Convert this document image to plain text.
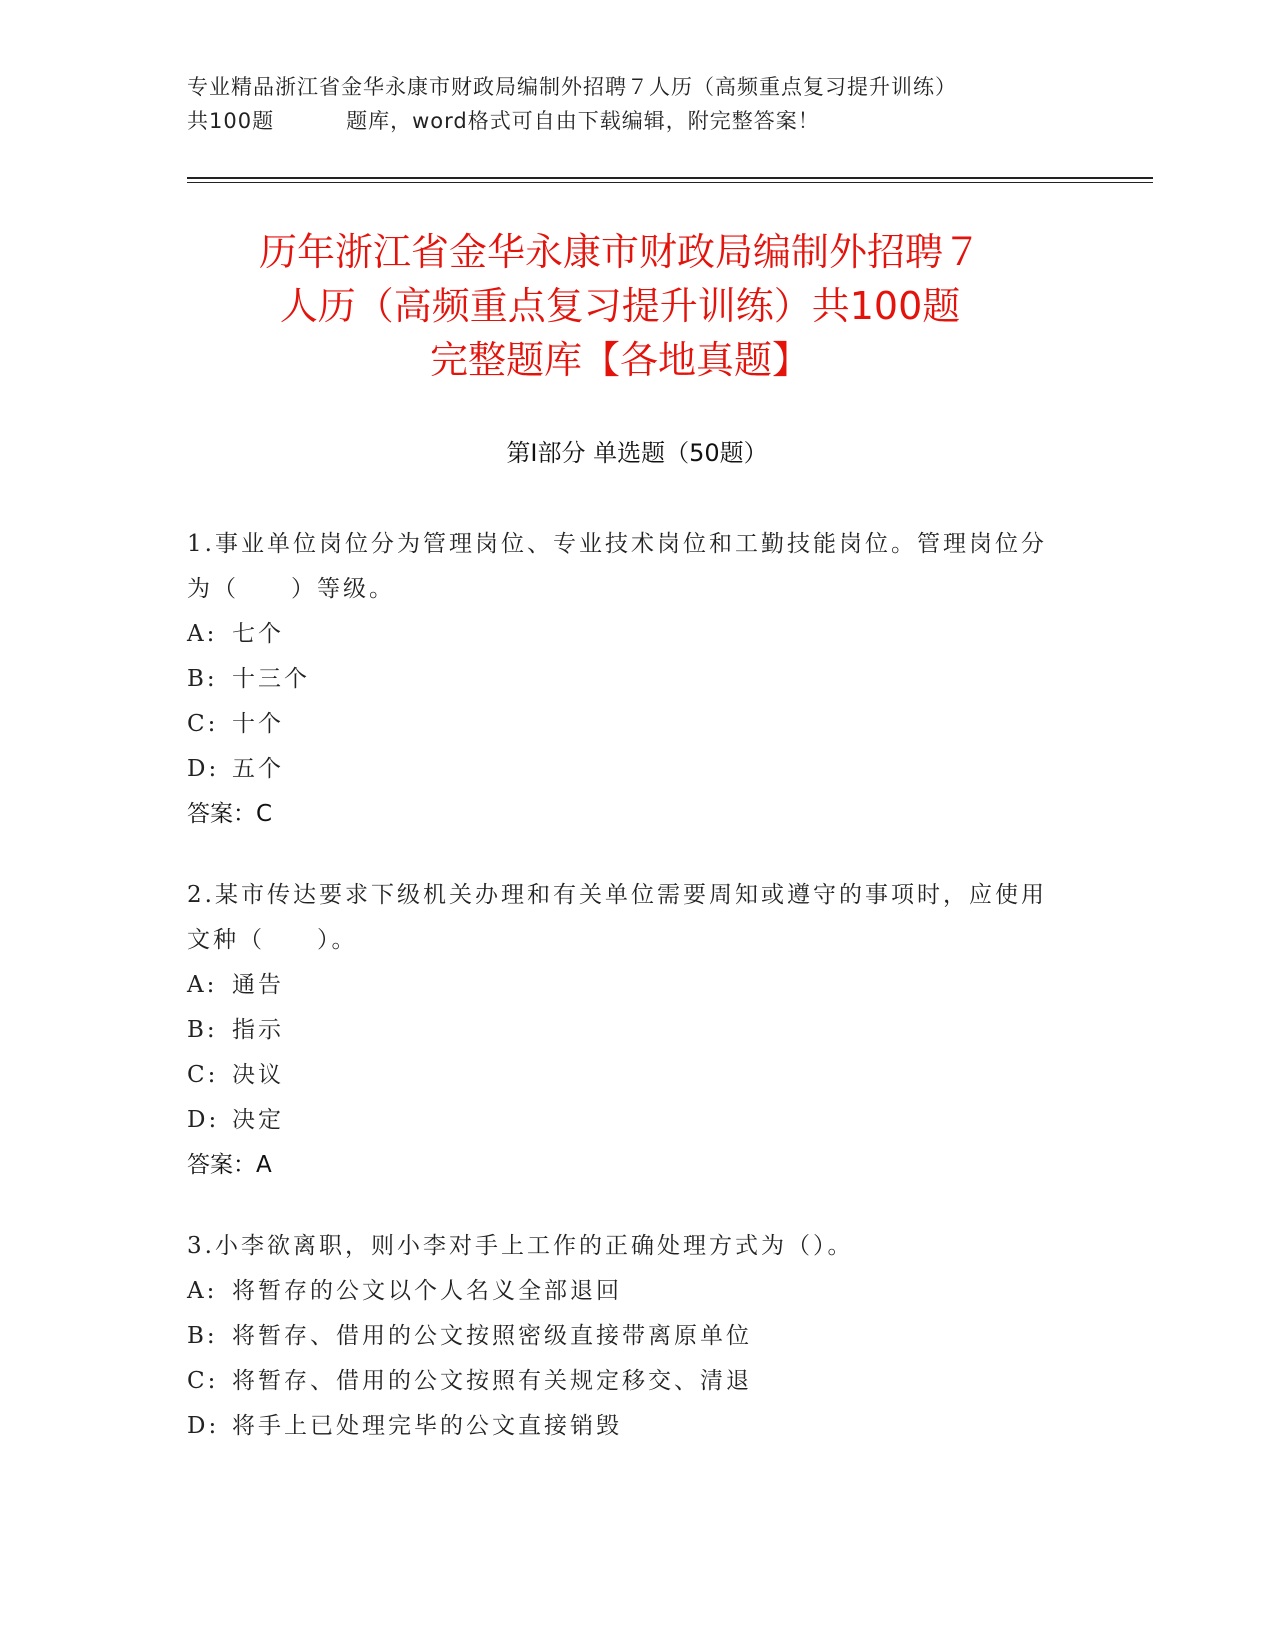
专业精品浙江省金华永康市财政局编制外招聘７人历（高频重点复习提升训练）
共100题	题库，word格式可自由下载编辑，附完整答案！
历年浙江省金华永康市财政局编制外招聘７
人历（高频重点复习提升训练）共100题
完整题库【各地真题】
第Ⅰ部分 单选题（50题）
1.事业单位岗位分为管理岗位、专业技术岗位和工勤技能岗位。管理岗位分为（　　）等级。
A: 七个
B: 十三个
C: 十个
D: 五个
答案：C
2.某市传达要求下级机关办理和有关单位需要周知或遵守的事项时，应使用文种（　　）。
A: 通告
B: 指示
C: 决议
D: 决定
答案：A
3.小李欲离职，则小李对手上工作的正确处理方式为（）。
A: 将暂存的公文以个人名义全部退回
B: 将暂存、借用的公文按照密级直接带离原单位
C: 将暂存、借用的公文按照有关规定移交、清退
D: 将手上已处理完毕的公文直接销毁
